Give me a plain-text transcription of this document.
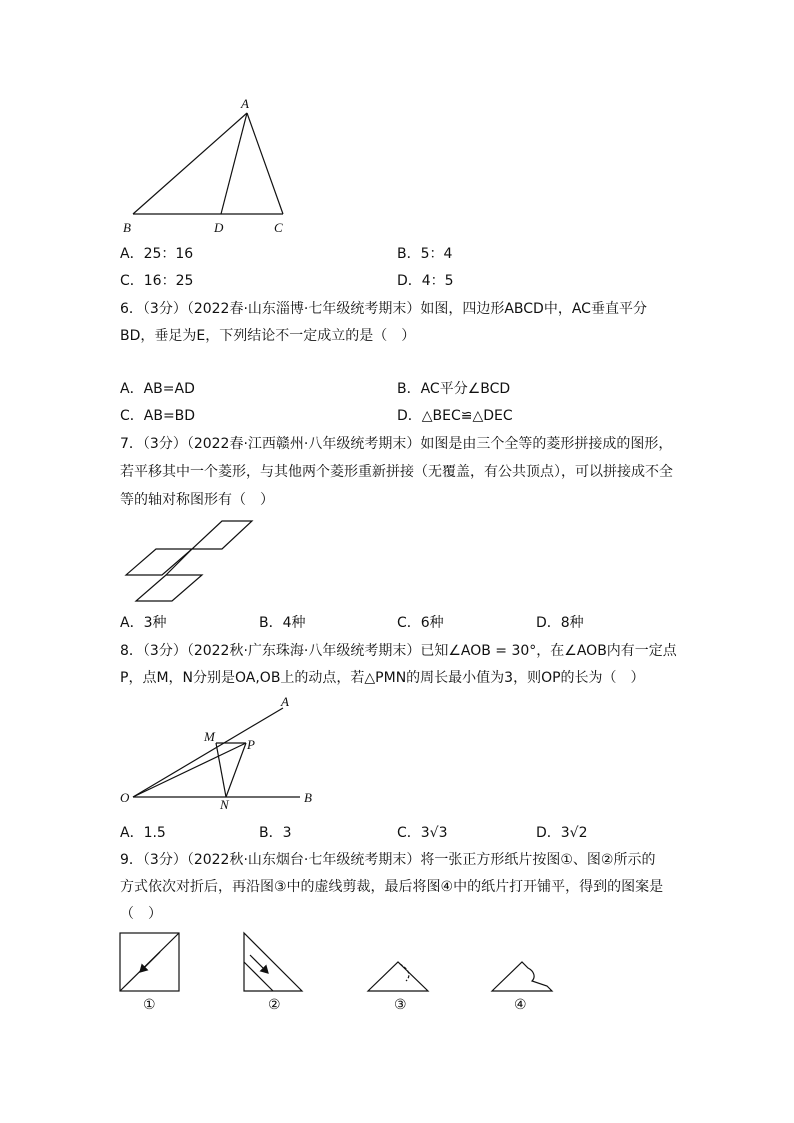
A
B	D	C
A．25：16	B．5：4
C．16：25	D．4：5
6．（3分）（2022春·山东淄博·七年级统考期末）如图，四边形ABCD中，AC垂直平分
BD，垂足为E，下列结论不一定成立的是（　）
A．AB=AD	B．AC平分∠BCD
C．AB=BD	D．△BEC≌△DEC
7．（3分）（2022春·江西赣州·八年级统考期末）如图是由三个全等的菱形拼接成的图形，
若平移其中一个菱形，与其他两个菱形重新拼接（无覆盖，有公共顶点），可以拼接成不全
等的轴对称图形有（　）
A．3种	B．4种	C．6种	D．8种
8．（3分）（2022秋·广东珠海·八年级统考期末）已知∠AOB = 30°，在∠AOB内有一定点
P，点M，N分别是OA,OB上的动点，若△PMN的周长最小值为3，则OP的长为（　）
A
M
P
O	N	B
A．1.5	B．3	C．3√3	D．3√2
9．（3分）（2022秋·山东烟台·七年级统考期末）将一张正方形纸片按图①、图②所示的
方式依次对折后，再沿图③中的虚线剪裁，最后将图④中的纸片打开铺平，得到的图案是
（　）
①	②	③	④
